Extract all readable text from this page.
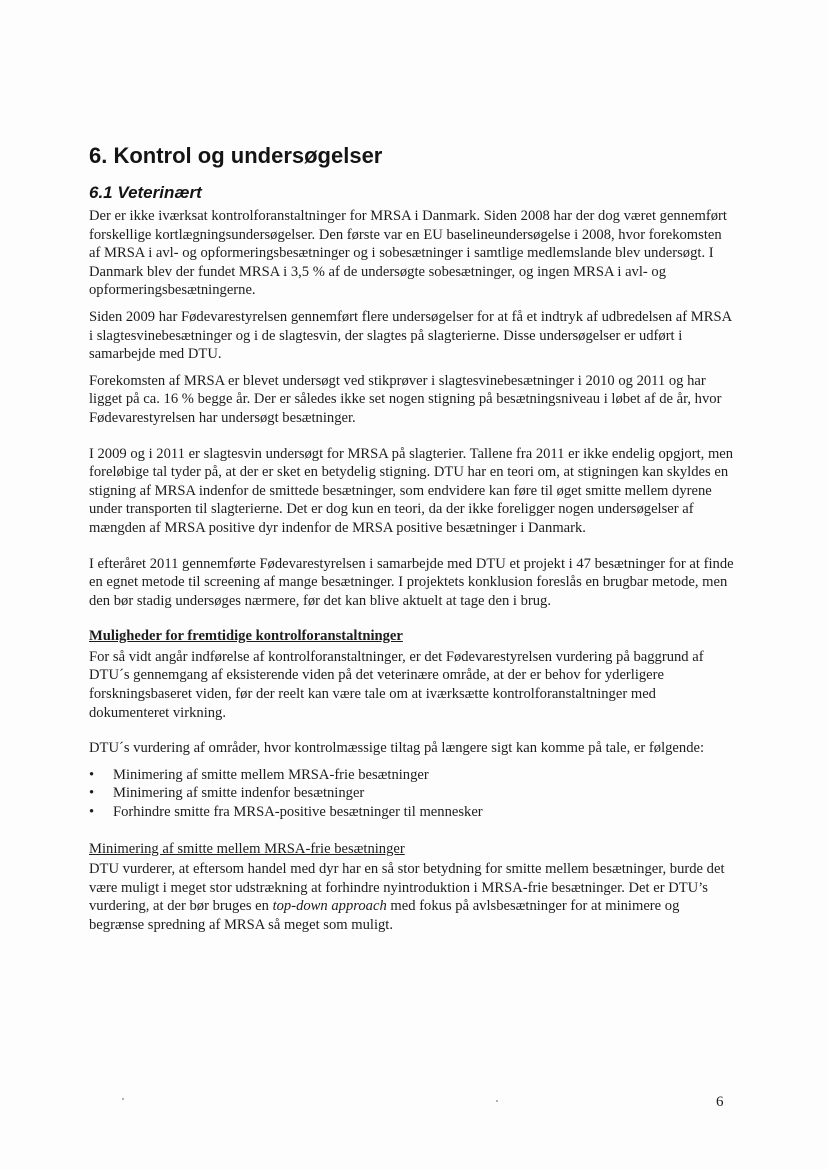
6. Kontrol og undersøgelser
6.1 Veterinært

Der er ikke iværksat kontrolforanstaltninger for MRSA i Danmark. Siden 2008 har der dog været gennemført forskellige kortlægningsundersøgelser. Den første var en EU baselineundersøgelse i 2008, hvor forekomsten af MRSA i avl- og opformeringsbesætninger og i sobesætninger i samtlige medlemslande blev undersøgt. I Danmark blev der fundet MRSA i 3,5 % af de undersøgte sobesætninger, og ingen MRSA i avl- og opformeringsbesætningerne.

Siden 2009 har Fødevarestyrelsen gennemført flere undersøgelser for at få et indtryk af udbredelsen af MRSA i slagtesvinebesætninger og i de slagtesvin, der slagtes på slagterierne. Disse undersøgelser er udført i samarbejde med DTU.

Forekomsten af MRSA er blevet undersøgt ved stikprøver i slagtesvinebesætninger i 2010 og 2011 og har ligget på ca. 16 % begge år. Der er således ikke set nogen stigning på besætningsniveau i løbet af de år, hvor Fødevarestyrelsen har undersøgt besætninger.

I 2009 og i 2011 er slagtesvin undersøgt for MRSA på slagterier. Tallene fra 2011 er ikke endelig opgjort, men foreløbige tal tyder på, at der er sket en betydelig stigning. DTU har en teori om, at stigningen kan skyldes en stigning af MRSA indenfor de smittede besætninger, som endvidere kan føre til øget smitte mellem dyrene under transporten til slagterierne. Det er dog kun en teori, da der ikke foreligger nogen undersøgelser af mængden af MRSA positive dyr indenfor de MRSA positive besætninger i Danmark.

I efteråret 2011 gennemførte Fødevarestyrelsen i samarbejde med DTU et projekt i 47 besætninger for at finde en egnet metode til screening af mange besætninger. I projektets konklusion foreslås en brugbar metode, men den bør stadig undersøges nærmere, før det kan blive aktuelt at tage den i brug.

Muligheder for fremtidige kontrolforanstaltninger

For så vidt angår indførelse af kontrolforanstaltninger, er det Fødevarestyrelsen vurdering på baggrund af DTU´s gennemgang af eksisterende viden på det veterinære område, at der er behov for yderligere forskningsbaseret viden, før der reelt kan være tale om at iværksætte kontrolforanstaltninger med dokumenteret virkning.

DTU´s vurdering af områder, hvor kontrolmæssige tiltag på længere sigt kan komme på tale, er følgende:

•	Minimering af smitte mellem MRSA-frie besætninger
•	Minimering af smitte indenfor besætninger
•	Forhindre smitte fra MRSA-positive besætninger til mennesker
Minimering af smitte mellem MRSA-frie besætninger

DTU vurderer, at eftersom handel med dyr har en så stor betydning for smitte mellem besætninger, burde det være muligt i meget stor udstrækning at forhindre nyintroduktion i MRSA-frie besætninger. Det er DTU’s vurdering, at der bør bruges en top-down approach med fokus på avlsbesætninger for at minimere og begrænse spredning af MRSA så meget som muligt.

6
